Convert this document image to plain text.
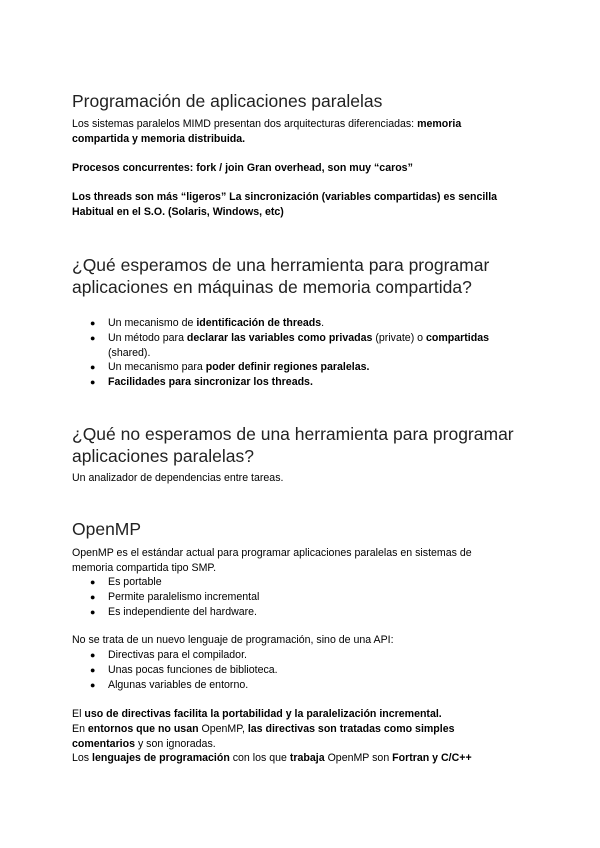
Programación de aplicaciones paralelas
Los sistemas paralelos MIMD presentan dos arquitecturas diferenciadas: memoria
compartida y memoria distribuida.
Procesos concurrentes: fork / join Gran overhead, son muy “caros”
Los threads son más “ligeros” La sincronización (variables compartidas) es sencilla
Habitual en el S.O. (Solaris, Windows, etc)
¿Qué esperamos de una herramienta para programar
aplicaciones en máquinas de memoria compartida?
● Un mecanismo de identificación de threads.
● Un método para declarar las variables como privadas (private) o compartidas
(shared).
● Un mecanismo para poder definir regiones paralelas.
● Facilidades para sincronizar los threads.
¿Qué no esperamos de una herramienta para programar
aplicaciones paralelas?
Un analizador de dependencias entre tareas.
OpenMP
OpenMP es el estándar actual para programar aplicaciones paralelas en sistemas de
memoria compartida tipo SMP.
● Es portable
● Permite paralelismo incremental
● Es independiente del hardware.
No se trata de un nuevo lenguaje de programación, sino de una API:
● Directivas para el compilador.
● Unas pocas funciones de biblioteca.
● Algunas variables de entorno.
El uso de directivas facilita la portabilidad y la paralelización incremental.
En entornos que no usan OpenMP, las directivas son tratadas como simples
comentarios y son ignoradas.
Los lenguajes de programación con los que trabaja OpenMP son Fortran y C/C++
